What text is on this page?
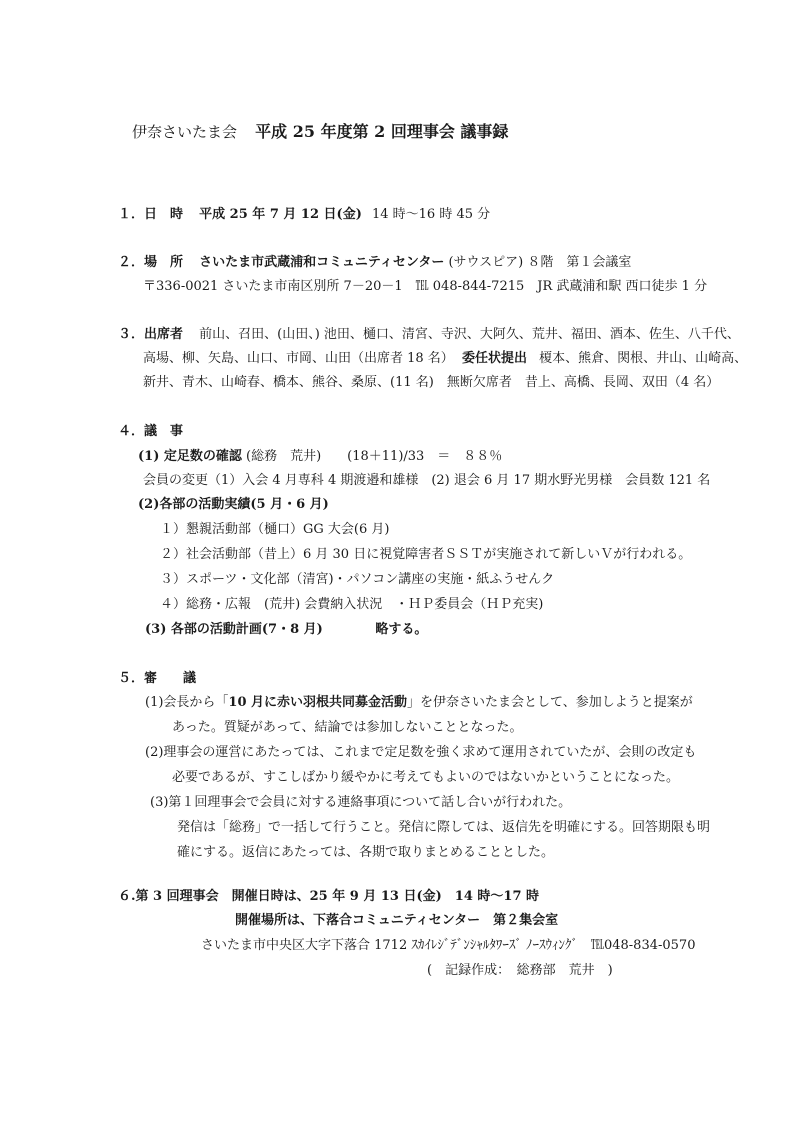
伊奈さいたま会 平成 25 年度第 2 回理事会 議事録
１．日　時 平成 25 年 7 月 12 日(金) 14 時〜16 時 45 分
２．場　所 さいたま市武蔵浦和コミュニティセンター (サウスピア) ８階　第１会議室
〒336-0021 さいたま市南区別所 7－20－1　℡ 048-844-7215　JR 武蔵浦和駅 西口徒歩 1 分
３．出席者 前山、召田、(山田、) 池田、樋口、清宮、寺沢、大阿久、荒井、福田、酒本、佐生、八千代、
高場、柳、矢島、山口、市岡、山田（出席者 18 名） 委任状提出 榎本、熊倉、関根、井山、山崎高、
新井、青木、山崎春、橋本、熊谷、桑原、(11 名)　無断欠席者　昔上、高橋、長岡、双田（4 名）
４．議　事
(1) 定足数の確認 (総務　荒井)　　(18＋11)/33　＝　８８％
会員の変更（1）入会 4 月専科 4 期渡邉和雄様　(2) 退会 6 月 17 期水野光男様　会員数 121 名
(2)各部の活動実績(5 月・6 月)
１）懇親活動部（樋口）GG 大会(6 月)
２）社会活動部（昔上）6 月 30 日に視覚障害者ＳＳＴが実施されて新しいＶが行われる。
３）スポーツ・文化部（清宮)・パソコン講座の実施・紙ふうせんク
４）総務・広報　(荒井) 会費納入状況　・ＨＰ委員会（ＨＰ充実)
(3) 各部の活動計画(7・8 月)	略する。
５．審　　議
(1)会長から「10 月に赤い羽根共同募金活動」を伊奈さいたま会として、参加しようと提案が
あった。質疑があって、結論では参加しないこととなった。
(2)理事会の運営にあたっては、これまで定足数を強く求めて運用されていたが、会則の改定も
必要であるが、すこしばかり緩やかに考えてもよいのではないかということになった。
(3)第１回理事会で会員に対する連絡事項について話し合いが行われた。
発信は「総務」で一括して行うこと。発信に際しては、返信先を明確にする。回答期限も明
確にする。返信にあたっては、各期で取りまとめることとした。
６.第 3 回理事会　開催日時は、25 年 9 月 13 日(金)　14 時〜17 時
開催場所は、下落合コミュニティセンター　第２集会室
さいたま市中央区大字下落合 1712 ｽｶｲﾚｼﾞﾃﾞﾝｼｬﾙﾀﾜｰｽﾞ ﾉｰｽｳｨﾝｸﾞ　℡048-834-0570
(　記録作成：　総務部　荒井　)
